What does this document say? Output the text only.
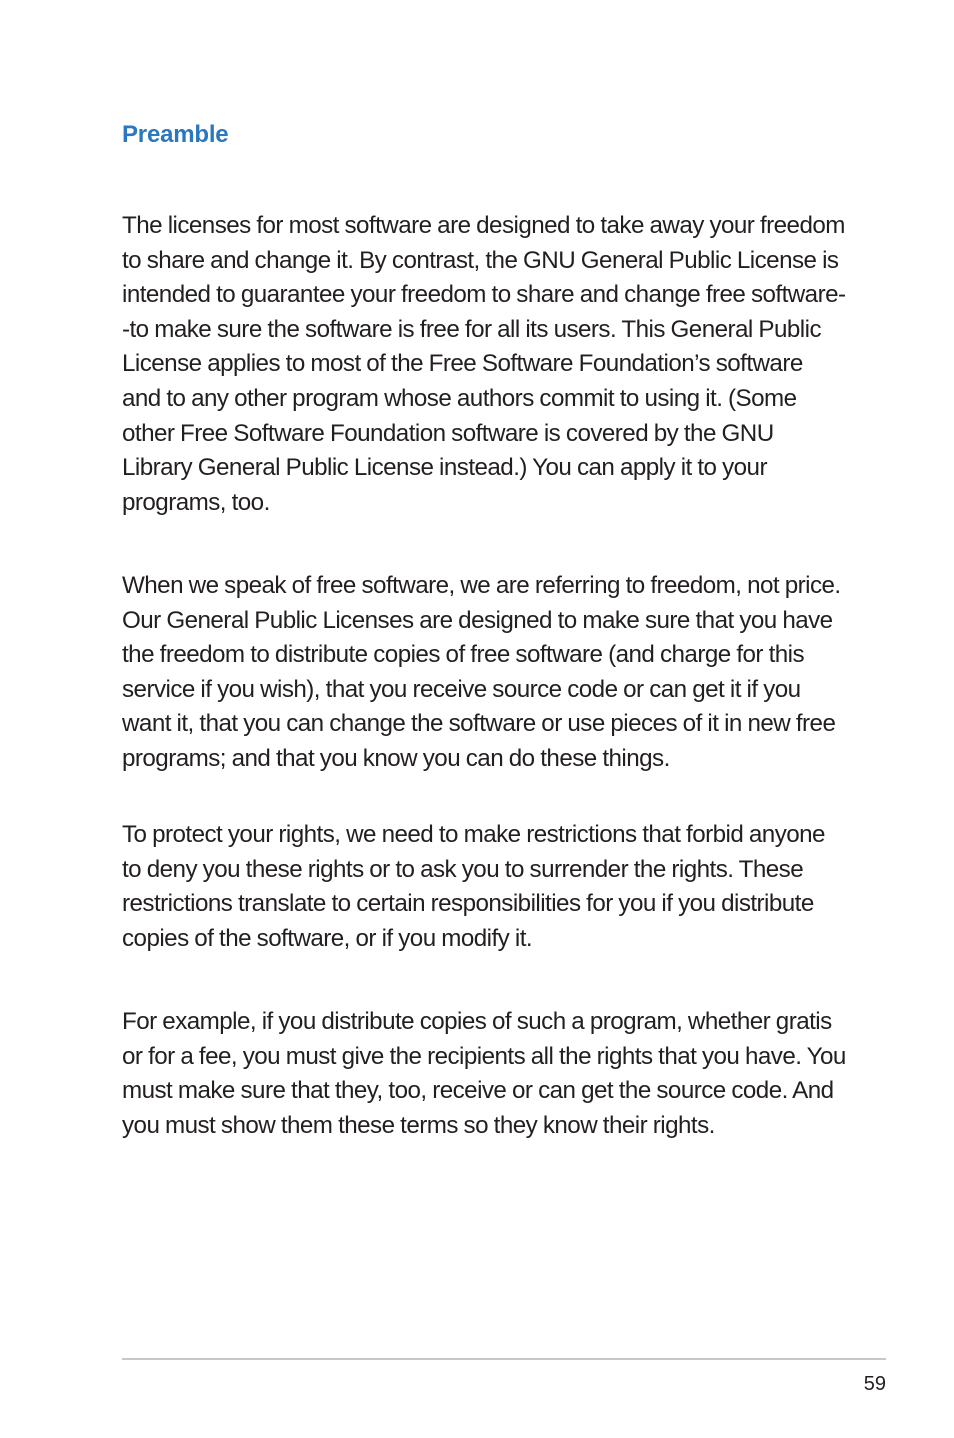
Preamble

The licenses for most software are designed to take away your freedom to share and change it. By contrast, the GNU General Public License is intended to guarantee your freedom to share and change free software--to make sure the software is free for all its users. This General Public License applies to most of the Free Software Foundation’s software and to any other program whose authors commit to using it. (Some other Free Software Foundation software is covered by the GNU Library General Public License instead.) You can apply it to your programs, too.

When we speak of free software, we are referring to freedom, not price. Our General Public Licenses are designed to make sure that you have the freedom to distribute copies of free software (and charge for this service if you wish), that you receive source code or can get it if you want it, that you can change the software or use pieces of it in new free programs; and that you know you can do these things.

To protect your rights, we need to make restrictions that forbid anyone to deny you these rights or to ask you to surrender the rights. These restrictions translate to certain responsibilities for you if you distribute copies of the software, or if you modify it.

For example, if you distribute copies of such a program, whether gratis or for a fee, you must give the recipients all the rights that you have. You must make sure that they, too, receive or can get the source code. And you must show them these terms so they know their rights.

59
